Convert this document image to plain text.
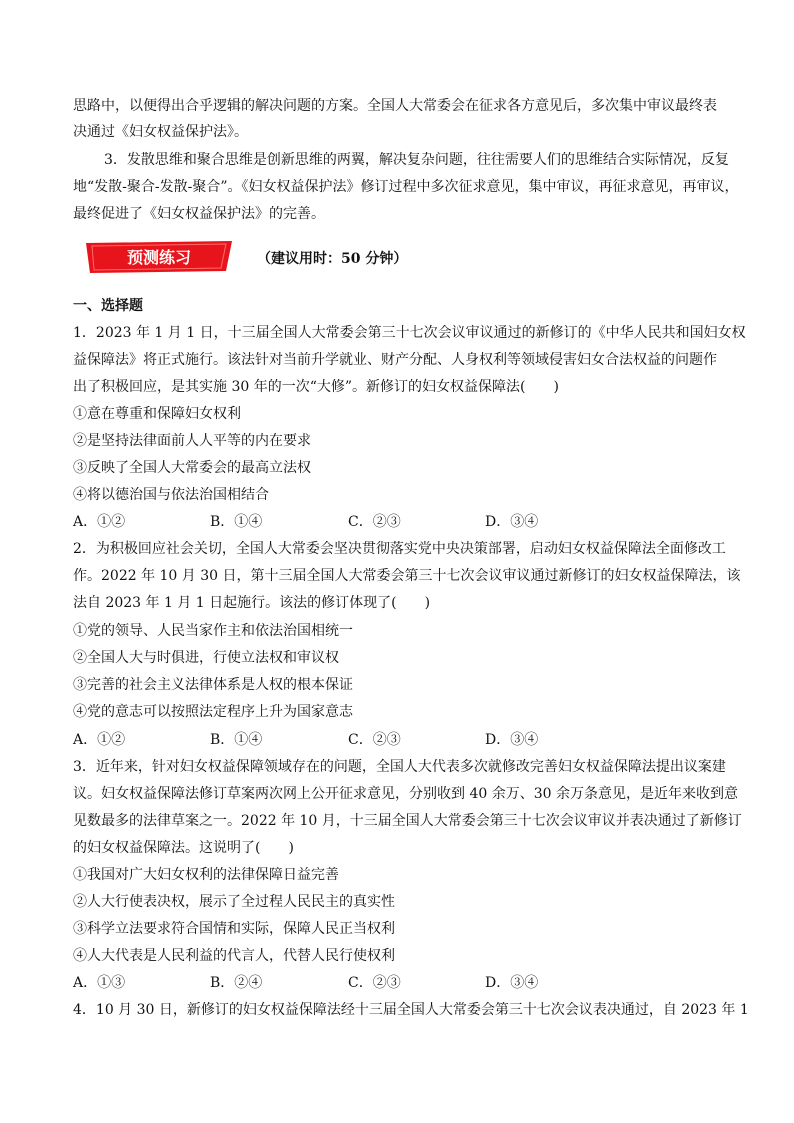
思路中，以便得出合乎逻辑的解决问题的方案。全国人大常委会在征求各方意见后，多次集中审议最终表
决通过《妇女权益保护法》。
3．发散思维和聚合思维是创新思维的两翼，解决复杂问题，往往需要人们的思维结合实际情况，反复
地“发散-聚合-发散-聚合”。《妇女权益保护法》修订过程中多次征求意见，集中审议，再征求意见，再审议，
最终促进了《妇女权益保护法》的完善。
预测练习	（建议用时：50 分钟）
一、选择题
1．2023 年 1 月 1 日，十三届全国人大常委会第三十七次会议审议通过的新修订的《中华人民共和国妇女权
益保障法》将正式施行。该法针对当前升学就业、财产分配、人身权利等领域侵害妇女合法权益的问题作
出了积极回应，是其实施 30 年的一次“大修”。新修订的妇女权益保障法(　　)
①意在尊重和保障妇女权利
②是坚持法律面前人人平等的内在要求
③反映了全国人大常委会的最高立法权
④将以德治国与依法治国相结合
A．①②	B．①④	C．②③	D．③④
2．为积极回应社会关切，全国人大常委会坚决贯彻落实党中央决策部署，启动妇女权益保障法全面修改工
作。2022 年 10 月 30 日，第十三届全国人大常委会第三十七次会议审议通过新修订的妇女权益保障法，该
法自 2023 年 1 月 1 日起施行。该法的修订体现了(　　)
①党的领导、人民当家作主和依法治国相统一
②全国人大与时俱进，行使立法权和审议权
③完善的社会主义法律体系是人权的根本保证
④党的意志可以按照法定程序上升为国家意志
A．①②	B．①④	C．②③	D．③④
3．近年来，针对妇女权益保障领域存在的问题，全国人大代表多次就修改完善妇女权益保障法提出议案建
议。妇女权益保障法修订草案两次网上公开征求意见，分别收到 40 余万、30 余万条意见，是近年来收到意
见数最多的法律草案之一。2022 年 10 月，十三届全国人大常委会第三十七次会议审议并表决通过了新修订
的妇女权益保障法。这说明了(　　)
①我国对广大妇女权利的法律保障日益完善
②人大行使表决权，展示了全过程人民民主的真实性
③科学立法要求符合国情和实际，保障人民正当权利
④人大代表是人民利益的代言人，代替人民行使权利
A．①③	B．②④	C．②③	D．③④
4．10 月 30 日，新修订的妇女权益保障法经十三届全国人大常委会第三十七次会议表决通过，自 2023 年 1
